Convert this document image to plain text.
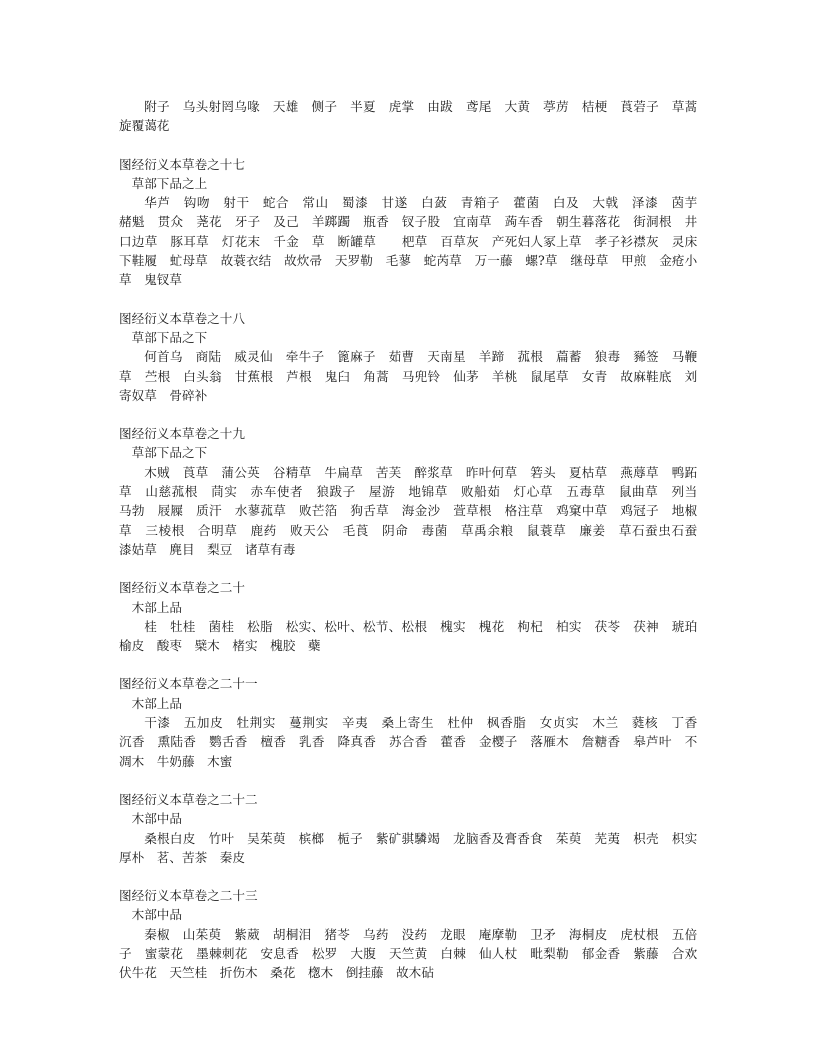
附子 乌头射罔乌喙 天雄 侧子 半夏 虎掌 由跋 鸢尾 大黄 葶苈 桔梗 莨菪子 草蒿旋覆蔼花

图经衍义本草卷之十七

草部下品之上

华芦 钩吻 射干 蛇合 常山 蜀漆 甘遂 白蔹 青箱子 藿菌 白及 大戟 泽漆 茵芋赭魁 贯众 荛花 牙子 及己 羊踯躅 瓶香 钗子股 宜南草 蒟车香 朝生暮落花 街洞根 井口边草 豚耳草 灯花末 千金 草 断罐草　杷草 百草灰 产死妇人冢上草 孝子衫襟灰 灵床下鞋履 虻母草 故蓑衣结 故炊帚 天罗勒 毛蓼 蛇芮草 万一藤 螺?草 继母草 甲煎 金疮小草 鬼钗草

图经衍义本草卷之十八

草部下品之下

何首乌 商陆 威灵仙 牵牛子 篦麻子 茹曹 天南星 羊蹄 菰根 萹蓄 狼毒 豨签 马鞭草 苎根 白头翁 甘蕉根 芦根 鬼臼 角蒿 马兜铃 仙茅 羊桃 鼠尾草 女青 故麻鞋底 刘寄奴草 骨碎补

图经衍义本草卷之十九

草部下品之下

木贼 莨草 蒲公英 谷精草 牛扁草 苦芙 醉浆草 昨叶何草 箬头 夏枯草 燕蓐草 鸭跖草 山慈菰根 茼实 赤车使者 狼跋子 屋游 地锦草 败船茹 灯心草 五毒草 鼠曲草 列当马勃 屐屧 质汗 水蓼菰草 败芒箔 狗舌草 海金沙 萱草根 格注草 鸡窠中草 鸡冠子 地椒草 三棱根 合明草 鹿药 败天公 毛莨 阴命 毒菌 草禹余粮 鼠蓑草 廉姜 草石蚕虫石蚕漆姑草 麂目 梨豆 诸草有毒

图经衍义本草卷之二十

木部上品

桂 牡桂 菌桂 松脂 松实、松叶、松节、松根 槐实 槐花 枸杞 柏实 茯苓 茯神 琥珀榆皮 酸枣 檗木 楮实 槐胶 蘗

图经衍义本草卷之二十一

木部上品

干漆 五加皮 牡荆实 蔓荆实 辛夷 桑上寄生 杜仲 枫香脂 女贞实 木兰 蕤核 丁香沉香 熏陆香 鹦舌香 檀香 乳香 降真香 苏合香 藿香 金樱子 落雁木 詹糖香 皋芦叶 不凋木 牛奶藤 木蜜

图经衍义本草卷之二十二

木部中品

桑根白皮 竹叶 吴茱萸 槟榔 栀子 紫矿骐驎竭 龙脑香及膏香食 茱萸 芜荑 枳壳 枳实厚朴 茗、苦茶 秦皮

图经衍义本草卷之二十三

木部中品

秦椒 山茱萸 紫葳 胡桐泪 猪苓 乌药 没药 龙眼 庵摩勒 卫矛 海桐皮 虎杖根 五倍子 蜜蒙花 墨棘刺花 安息香 松罗 大腹 天竺黄 白棘 仙人杖 毗梨勒 郁金香 紫藤 合欢伏牛花 天竺桂 折伤木 桑花 楤木 倒挂藤 故木砧
